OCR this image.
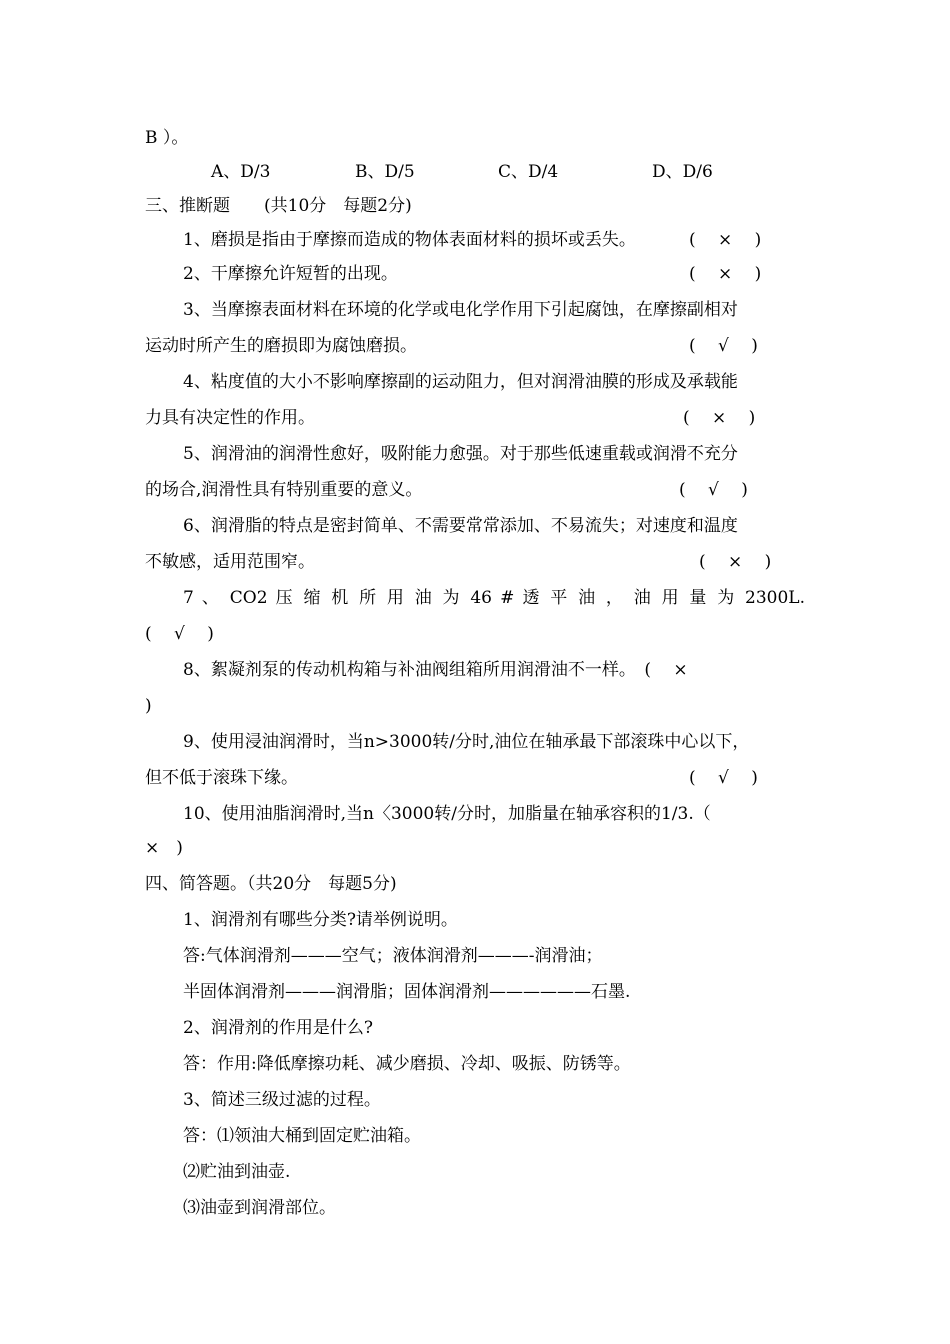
B ）。
A、D/3	B、D/5	C、D/4	D、D/6
三、推断题　　(共10分　每题2分)
1、磨损是指由于摩擦而造成的物体表面材料的损坏或丢失。	(　 ×　 )
2、干摩擦允许短暂的出现。	(　 ×　 )
3、当摩擦表面材料在环境的化学或电化学作用下引起腐蚀，在摩擦副相对
运动时所产生的磨损即为腐蚀磨损。	(　 √　 )
4、粘度值的大小不影响摩擦副的运动阻力，但对润滑油膜的形成及承载能
力具有决定性的作用。	(　 ×　 )
5、润滑油的润滑性愈好，吸附能力愈强。对于那些低速重载或润滑不充分
的场合,润滑性具有特别重要的意义。	(　 √　 )
6、润滑脂的特点是密封简单、不需要常常添加、不易流失；对速度和温度
不敏感，适用范围窄。	(　 ×　 )
7 、 CO2 压 缩 机 所 用 油 为 46 # 透 平 油 ， 油 用 量 为 2300L.
(　 √　 )
8、絮凝剂泵的传动机构箱与补油阀组箱所用润滑油不一样。　(　 ×
)
9、使用浸油润滑时，当n>3000转/分时,油位在轴承最下部滚珠中心以下，
但不低于滚珠下缘。	(　 √　 )
10、使用油脂润滑时,当n〈3000转/分时，加脂量在轴承容积的1/3.（
×　)
四、简答题。（共20分　每题5分)
1、润滑剂有哪些分类?请举例说明。
答:气体润滑剂———空气；液体润滑剂———-润滑油；
半固体润滑剂———润滑脂；固体润滑剂——————石墨.
2、润滑剂的作用是什么?
答：作用:降低摩擦功耗、减少磨损、冷却、吸振、防锈等。
3、简述三级过滤的过程。
答：⑴领油大桶到固定贮油箱。
⑵贮油到油壶.
⑶油壶到润滑部位。
